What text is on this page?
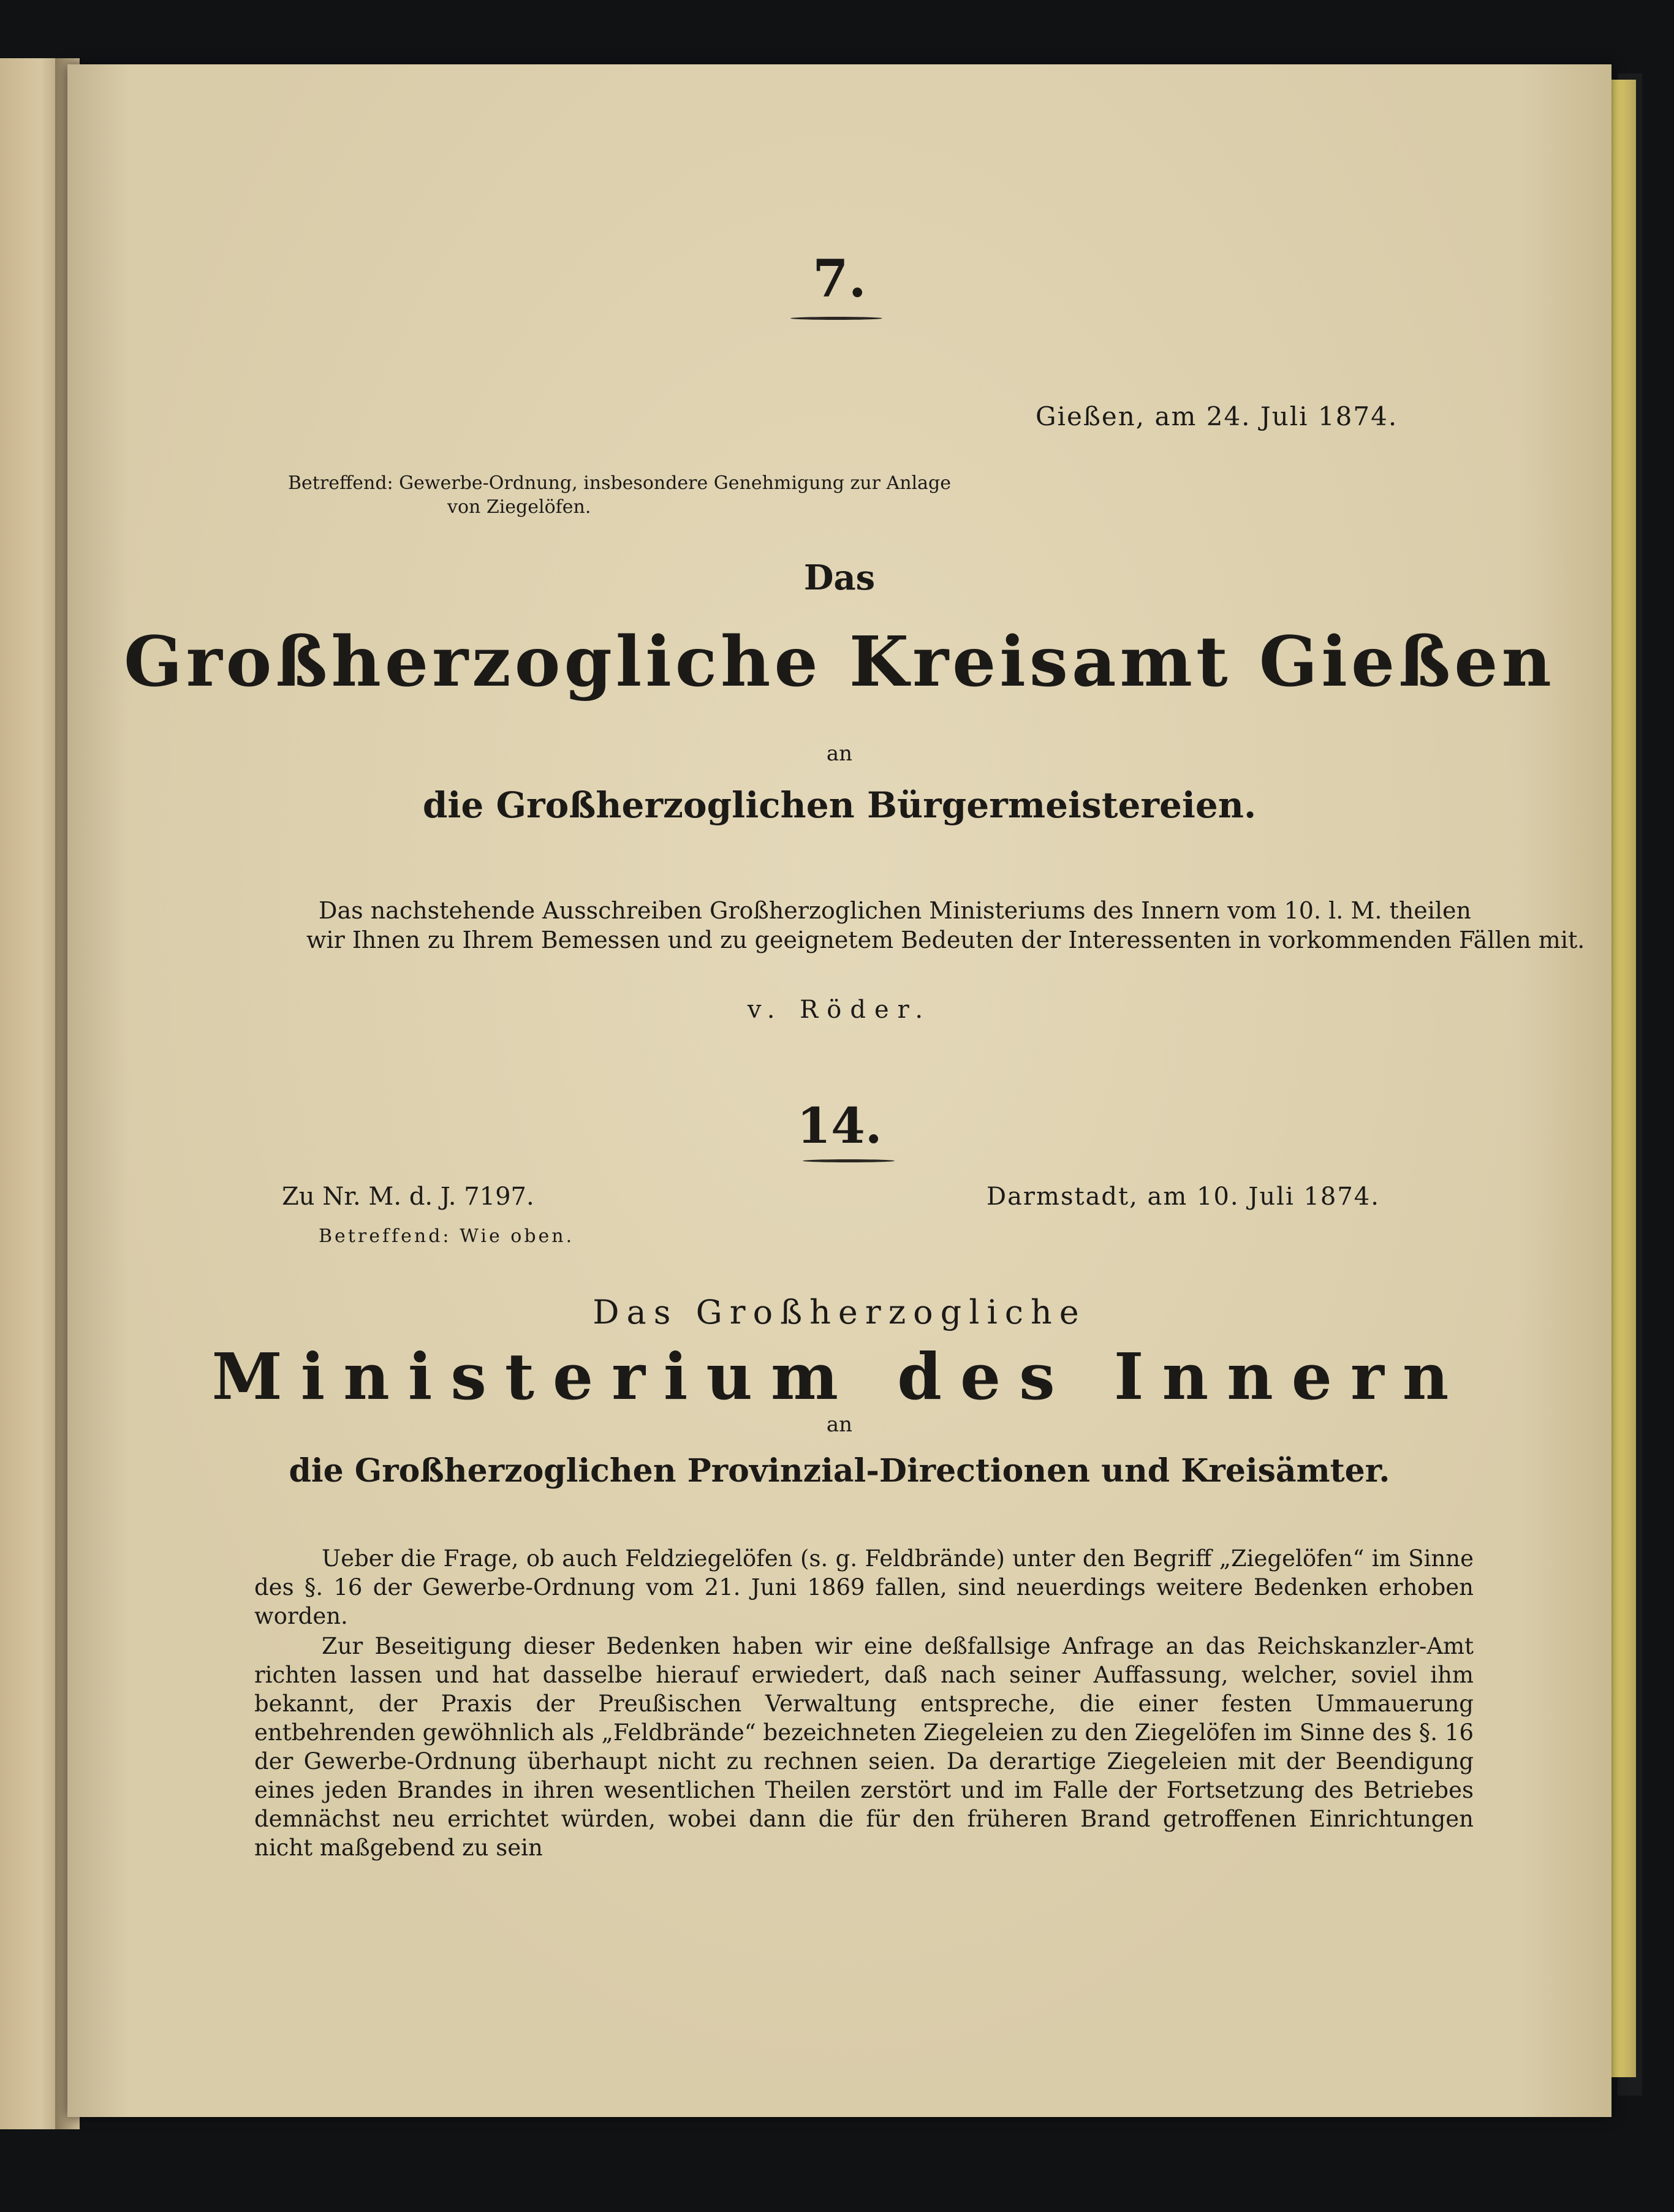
7.
Gießen, am 24. Juli 1874.
Betreffend: Gewerbe-Ordnung, insbesondere Genehmigung zur Anlage
von Ziegelöfen.
Das
Großherzogliche Kreisamt Gießen
an
die Großherzoglichen Bürgermeistereien.
Das nachstehende Ausschreiben Großherzoglichen Ministeriums des Innern vom 10. l. M. theilen
wir Ihnen zu Ihrem Bemessen und zu geeignetem Bedeuten der Interessenten in vorkommenden Fällen mit.
v. Röder.
14.
Zu Nr. M. d. J. 7197.	Darmstadt, am 10. Juli 1874.
Betreffend: Wie oben.
Das Großherzogliche
Ministerium des Innern
an
die Großherzoglichen Provinzial-Directionen und Kreisämter.
Ueber die Frage, ob auch Feldziegelöfen (s. g. Feldbrände) unter den Begriff „Ziegelöfen“ im Sinne des §. 16 der Gewerbe-Ordnung vom 21. Juni 1869 fallen, sind neuerdings weitere Bedenken erhoben worden.
Zur Beseitigung dieser Bedenken haben wir eine deßfallsige Anfrage an das Reichskanzler-Amt richten lassen und hat dasselbe hierauf erwiedert, daß nach seiner Auffassung, welcher, soviel ihm bekannt, der Praxis der Preußischen Verwaltung entspreche, die einer festen Ummauerung entbehrenden gewöhnlich als „Feldbrände“ bezeichneten Ziegeleien zu den Ziegelöfen im Sinne des §. 16 der Gewerbe-Ordnung überhaupt nicht zu rechnen seien. Da derartige Ziegeleien mit der Beendigung eines jeden Brandes in ihren wesentlichen Theilen zerstört und im Falle der Fortsetzung des Betriebes demnächst neu errichtet würden, wobei dann die für den früheren Brand getroffenen Einrichtungen nicht maßgebend zu sein
